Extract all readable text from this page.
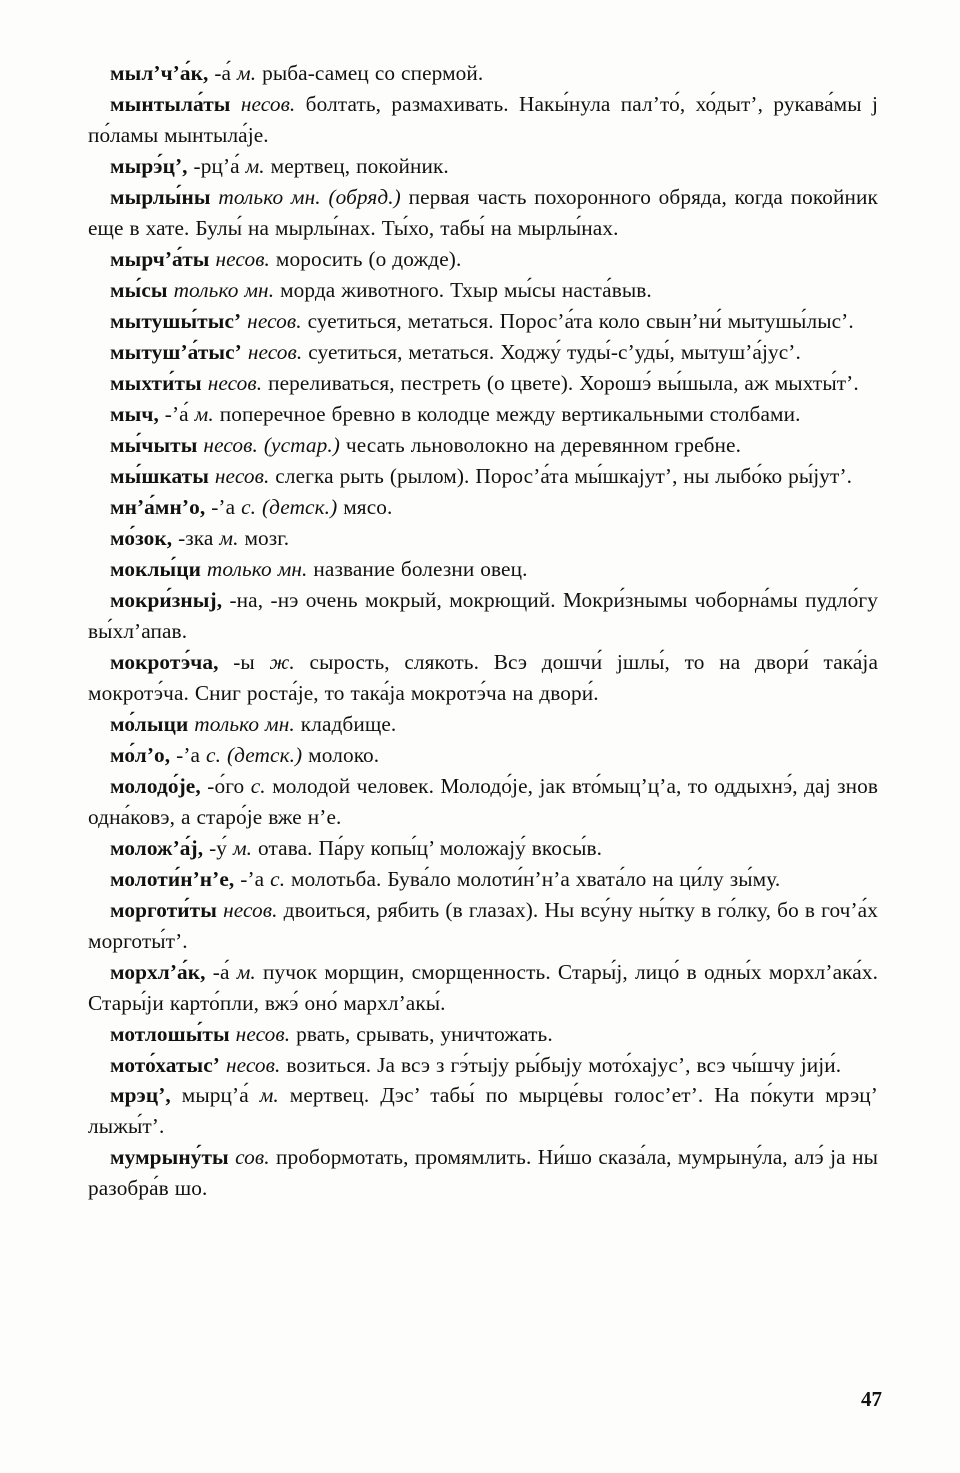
мыл’ч’а́к, -а́ м. рыба-самец со спермой.

мынтыла́ты несов. болтать, размахивать. Накы́нула пал’то́, хо́дыт’, рукава́мы ј по́ламы мынтыла́је.

мырэ́ц’, -рц’а́ м. мертвец, покойник.

мырлы́ны только мн. (обряд.) первая часть похоронного обряда, когда покойник еще в хате. Булы́ на мырлы́нах. Ты́хо, табы́ на мырлы́нах.

мырч’а́ты несов. моросить (о дожде).

мы́сы только мн. морда животного. Тхыр мы́сы наста́выв.

мытушы́тыс’ несов. суетиться, метаться. Порос’а́та коло свын’ни́ мытушы́лыс’.

мытуш’а́тыс’ несов. суетиться, метаться. Ходжу́ туды́-с’уды́, мытуш’а́јус’.

мыхти́ты несов. переливаться, пестреть (о цвете). Хорошэ́ вы́шыла, аж мыхты́т’.

мыч, -’а́ м. поперечное бревно в колодце между вертикальными столбами.

мы́чыты несов. (устар.) чесать льноволокно на деревянном гребне.

мы́шкаты несов. слегка рыть (рылом). Порос’а́та мы́шкајут’, ны лыбо́ко ры́јут’.

мн’а́мн’о, -’а с. (детск.) мясо.

мо́зок, -зка м. мозг.

моклы́ци только мн. название болезни овец.

мокри́зныј, -на, -нэ очень мокрый, мокрющий. Мокри́знымы чоборна́мы пудло́гу вы́хл’апав.

мокротэ́ча, -ы ж. сырость, слякоть. Всэ дошчи́ јшлы́, то на двори́ така́ја мокротэ́ча. Сниг роста́је, то така́ја мокротэ́ча на двори́.

мо́лыци только мн. кладбище.

мо́л’о, -’а с. (детск.) молоко.

молодо́је, -о́го с. молодой человек. Молодо́је, јак вто́мыц’ц’а, то оддыхнэ́, дај знов одна́ковэ, а старо́је вже н’е.

молож’а́ј, -у́ м. отава. Па́ру копы́ц’ моложају́ вкосы́в.

молоти́н’н’е, -’а с. молотьба. Бува́ло молоти́н’н’а хвата́ло на ци́лу зы́му.

морготи́ты несов. двоиться, рябить (в глазах). Ны всу́ну ны́тку в го́лку, бо в гоч’а́х морготы́т’.

морхл’а́к, -а́ м. пучок морщин, сморщенность. Стары́ј, лицо́ в одны́х морхл’ака́х. Стары́ји карто́пли, вжэ́ оно́ мархл’акы́.

мотлошы́ты несов. рвать, срывать, уничтожать.

мото́хатыс’ несов. возиться. Ја всэ з гэ́тыју ры́быју мото́хајус’, всэ чы́шчу јиjи́.

мрэц’, мырц’а́ м. мертвец. Дэс’ табы́ по мырце́вы голос’ет’. На по́кути мрэц’ лыжы́т’.

мумрыну́ты сов. пробормотать, промямлить. Ни́шо сказа́ла, мумрыну́ла, алэ́ ја ны разобра́в шо.

47
